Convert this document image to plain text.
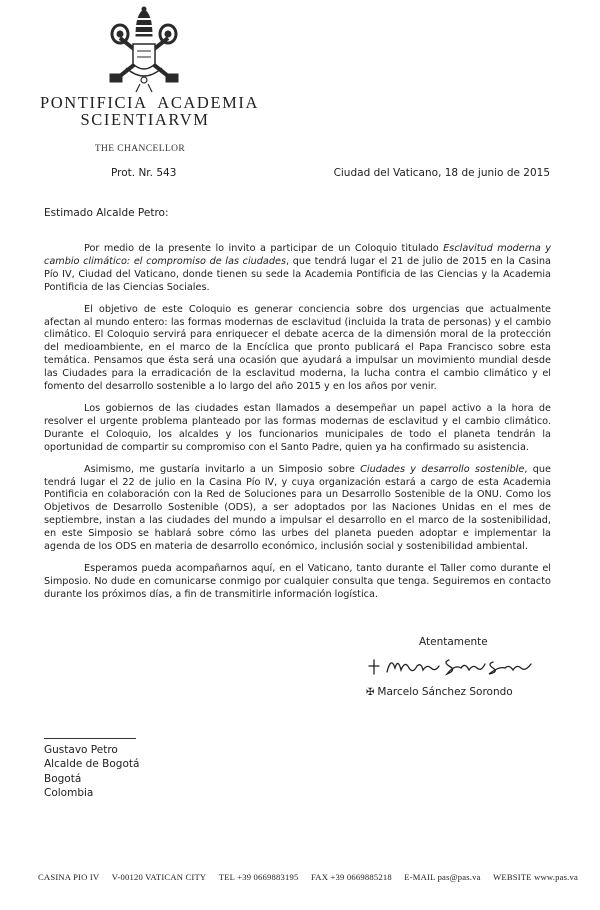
PONTIFICIA  ACADEMIA
SCIENTIARVM
THE CHANCELLOR
Prot. Nr. 543	Ciudad del Vaticano, 18 de junio de 2015
Estimado Alcalde Petro:

Por medio de la presente lo invito a participar de un Coloquio titulado Esclavitud moderna y cambio climático: el compromiso de las ciudades, que tendrá lugar el 21 de julio de 2015 en la Casina Pío IV, Ciudad del Vaticano, donde tienen su sede la Academia Pontificia de las Ciencias y la Academia Pontificia de las Ciencias Sociales.

El objetivo de este Coloquio es generar conciencia sobre dos urgencias que actualmente afectan al mundo entero: las formas modernas de esclavitud (incluida la trata de personas) y el cambio climático. El Coloquio servirá para enriquecer el debate acerca de la dimensión moral de la protección del medioambiente, en el marco de la Encíclica que pronto publicará el Papa Francisco sobre esta temática. Pensamos que ésta será una ocasión que ayudará a impulsar un movimiento mundial desde las Ciudades para la erradicación de la esclavitud moderna, la lucha contra el cambio climático y el fomento del desarrollo sostenible a lo largo del año 2015 y en los años por venir.

Los gobiernos de las ciudades estan llamados a desempeñar un papel activo a la hora de resolver el urgente problema planteado por las formas modernas de esclavitud y el cambio climático. Durante el Coloquio, los alcaldes y los funcionarios municipales de todo el planeta tendrán la oportunidad de compartir su compromiso con el Santo Padre, quien ya ha confirmado su asistencia.

Asimismo, me gustaría invitarlo a un Simposio sobre Ciudades y desarrollo sostenible, que tendrá lugar el 22 de julio en la Casina Pío IV, y cuya organización estará a cargo de esta Academia Pontificia en colaboración con la Red de Soluciones para un Desarrollo Sostenible de la ONU. Como los Objetivos de Desarrollo Sostenible (ODS), a ser adoptados por las Naciones Unidas en el mes de septiembre, instan a las ciudades del mundo a impulsar el desarrollo en el marco de la sostenibilidad, en este Simposio se hablará sobre cómo las urbes del planeta pueden adoptar e implementar la agenda de los ODS en materia de desarrollo económico, inclusión social y sostenibilidad ambiental.

Esperamos pueda acompañarnos aquí, en el Vaticano, tanto durante el Taller como durante el Simposio. No dude en comunicarse conmigo por cualquier consulta que tenga. Seguiremos en contacto durante los próximos días, a fin de transmitirle información logística.

Atentamente
✠ Marcelo Sánchez Sorondo
Gustavo Petro
Alcalde de Bogotá
Bogotá
Colombia
CASINA PIO IV V-00120 VATICAN CITY TEL +39 0669883195 FAX +39 0669885218 E-MAIL pas@pas.va WEBSITE www.pas.va
